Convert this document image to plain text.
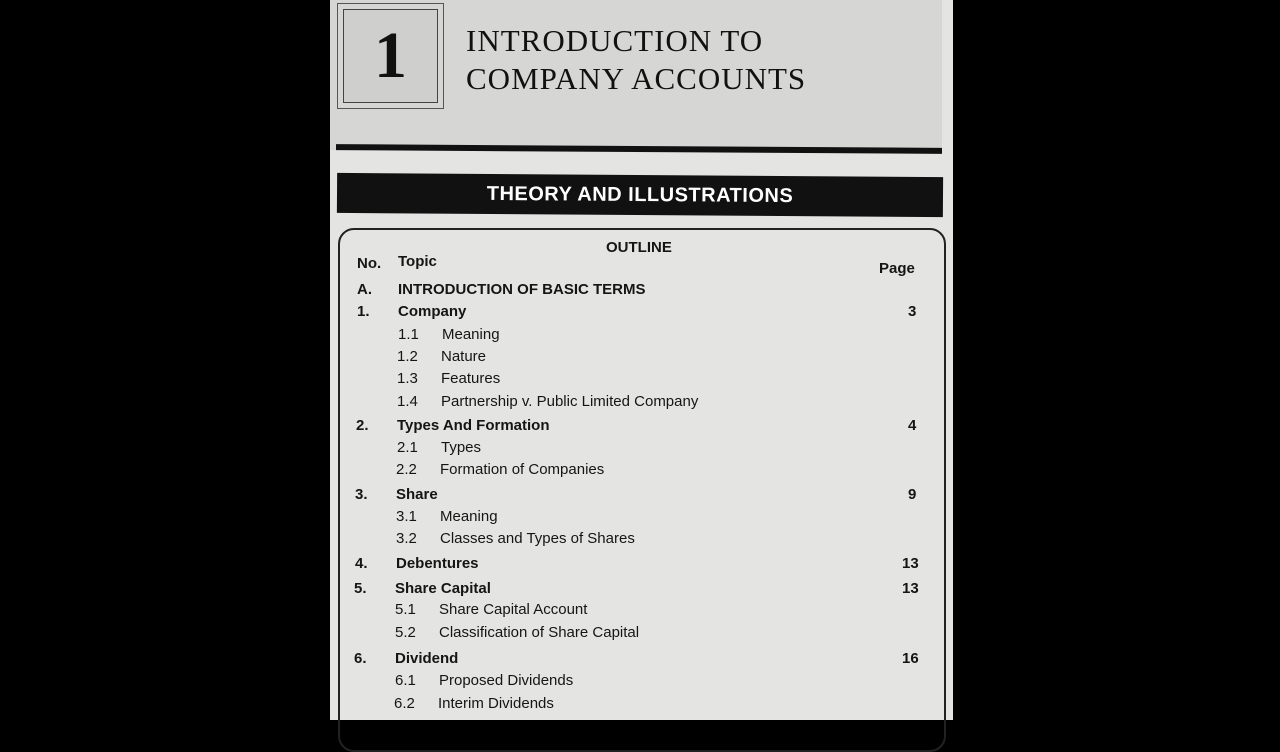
1	INTRODUCTION TO
COMPANY ACCOUNTS
THEORY AND ILLUSTRATIONS
OUTLINE
No. Topic	Page
A. INTRODUCTION OF BASIC TERMS
1. Company	3
1.1 Meaning
1.2 Nature
1.3 Features
1.4 Partnership v. Public Limited Company
2. Types And Formation	4
2.1 Types
2.2 Formation of Companies
3. Share	9
3.1 Meaning
3.2 Classes and Types of Shares
4. Debentures	13
5. Share Capital	13
5.1 Share Capital Account
5.2 Classification of Share Capital
6. Dividend	16
6.1 Proposed Dividends
6.2 Interim Dividends
